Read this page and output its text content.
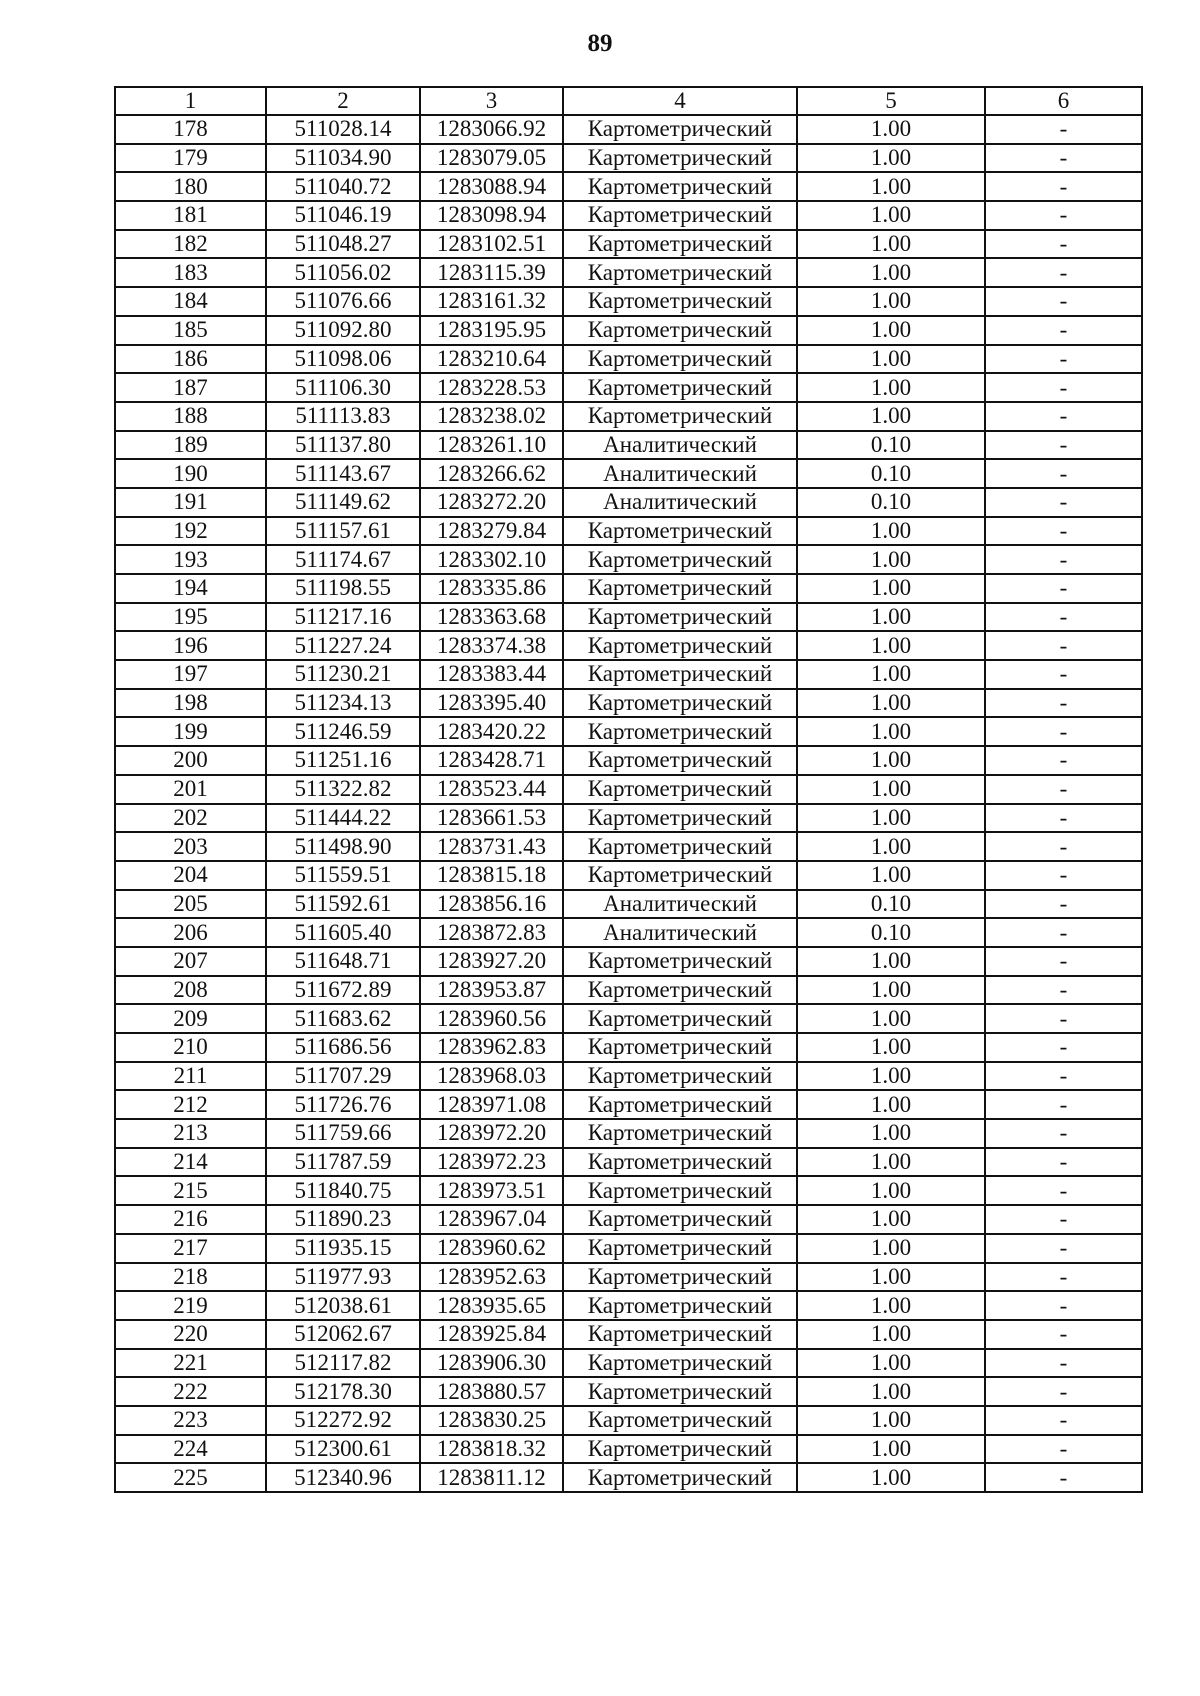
89
1	2	3	4	5	6
178	511028.14	1283066.92	Картометрический	1.00	-
179	511034.90	1283079.05	Картометрический	1.00	-
180	511040.72	1283088.94	Картометрический	1.00	-
181	511046.19	1283098.94	Картометрический	1.00	-
182	511048.27	1283102.51	Картометрический	1.00	-
183	511056.02	1283115.39	Картометрический	1.00	-
184	511076.66	1283161.32	Картометрический	1.00	-
185	511092.80	1283195.95	Картометрический	1.00	-
186	511098.06	1283210.64	Картометрический	1.00	-
187	511106.30	1283228.53	Картометрический	1.00	-
188	511113.83	1283238.02	Картометрический	1.00	-
189	511137.80	1283261.10	Аналитический	0.10	-
190	511143.67	1283266.62	Аналитический	0.10	-
191	511149.62	1283272.20	Аналитический	0.10	-
192	511157.61	1283279.84	Картометрический	1.00	-
193	511174.67	1283302.10	Картометрический	1.00	-
194	511198.55	1283335.86	Картометрический	1.00	-
195	511217.16	1283363.68	Картометрический	1.00	-
196	511227.24	1283374.38	Картометрический	1.00	-
197	511230.21	1283383.44	Картометрический	1.00	-
198	511234.13	1283395.40	Картометрический	1.00	-
199	511246.59	1283420.22	Картометрический	1.00	-
200	511251.16	1283428.71	Картометрический	1.00	-
201	511322.82	1283523.44	Картометрический	1.00	-
202	511444.22	1283661.53	Картометрический	1.00	-
203	511498.90	1283731.43	Картометрический	1.00	-
204	511559.51	1283815.18	Картометрический	1.00	-
205	511592.61	1283856.16	Аналитический	0.10	-
206	511605.40	1283872.83	Аналитический	0.10	-
207	511648.71	1283927.20	Картометрический	1.00	-
208	511672.89	1283953.87	Картометрический	1.00	-
209	511683.62	1283960.56	Картометрический	1.00	-
210	511686.56	1283962.83	Картометрический	1.00	-
211	511707.29	1283968.03	Картометрический	1.00	-
212	511726.76	1283971.08	Картометрический	1.00	-
213	511759.66	1283972.20	Картометрический	1.00	-
214	511787.59	1283972.23	Картометрический	1.00	-
215	511840.75	1283973.51	Картометрический	1.00	-
216	511890.23	1283967.04	Картометрический	1.00	-
217	511935.15	1283960.62	Картометрический	1.00	-
218	511977.93	1283952.63	Картометрический	1.00	-
219	512038.61	1283935.65	Картометрический	1.00	-
220	512062.67	1283925.84	Картометрический	1.00	-
221	512117.82	1283906.30	Картометрический	1.00	-
222	512178.30	1283880.57	Картометрический	1.00	-
223	512272.92	1283830.25	Картометрический	1.00	-
224	512300.61	1283818.32	Картометрический	1.00	-
225	512340.96	1283811.12	Картометрический	1.00	-
